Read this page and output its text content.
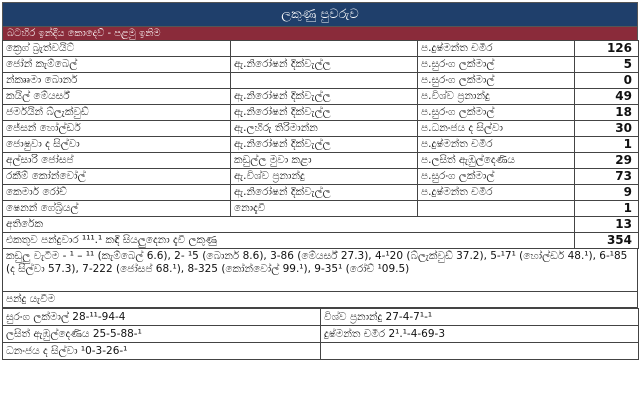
ලකුණු පුවරුව
බටහිර ඉන්දීය කොදෙව් - පළමු ඉනිම
ක්‍රෙග් බ්‍රැත්වයිට්		ප.දුෂ්මන්ත චමීර	126
ජෝන් කැම්බෙල්	ඇ.නිරෝෂන් දික්වැල්ල	ප.සුරංග ලක්මාල්	5
න්කෲමා බොනර්		ප.සුරංග ලක්මාල්	0
කයිල් මේයර්ස්	ඇ.නිරෝෂන් දික්වැල්ල	ප.විශ්ව ප්‍රනාන්දු	49
ජර්මයින් බ්ලැක්වුඩ්	ඇ.නිරෝෂන් දික්වැල්ල	ප.සුරංග ලක්මාල්	18
ජේසන් හෝල්ඩර්	ඇ.ලහිරු තිරිමාන්න	ප.ධනංජය ද සිල්වා	30
ජොෂුවා ද සිල්වා	ඇ.නිරෝෂන් දික්වැල්ල	ප.දුෂ්මන්ත චමීර	1
අල්සාරි ජෝසප්	කඩුල්ල මුවා කළා	ප.ලසිත් ඇඹුල්දෙණිය	29
රකීම් කෝන්වෝල්	ඇ.විශ්ව ප්‍රනාන්දු	ප.සුරංග ලක්මාල්	73
කෙමාර් රෝච්	ඇ.නිරෝෂන් දික්වැල්ල	ප.දුෂ්මන්ත චමීර	9
ෂෙනන් ගේබ්‍රියල්	නොදැවී		1
අතිරේක			13
එකතුව පන්දුවාර ¹¹¹.¹ කඳි සියලුදෙනා දැවී ලකුණු			354
කඩුලු වැටීම - ¹ – ¹¹ (කැම්බෙල් 6.6), 2- ¹5 (බොනර් 8.6), 3-86 (මේයර්ස් 27.3), 4-¹20 (බ්ලැක්වුඩ් 37.2), 5-¹7¹ (හෝල්ඩර් 48.¹), 6-¹85 (ද සිල්වා 57.3), 7-222 (ජෝසප් 68.¹), 8-325 (කෝන්වෝල් 99.¹), 9-35¹ (රෝච් ¹09.5)
පන්දු යැවීම
සුරංග ලක්මාල් 28-¹¹-94-4	විශ්ව ප්‍රනාන්දු 27-4-7¹-¹
ලසිත් ඇඹුල්දෙණිය 25-5-88-¹	දුෂ්මන්ත චමීර 2¹.¹-4-69-3
ධනංජය ද සිල්වා ¹0-3-26-¹	
